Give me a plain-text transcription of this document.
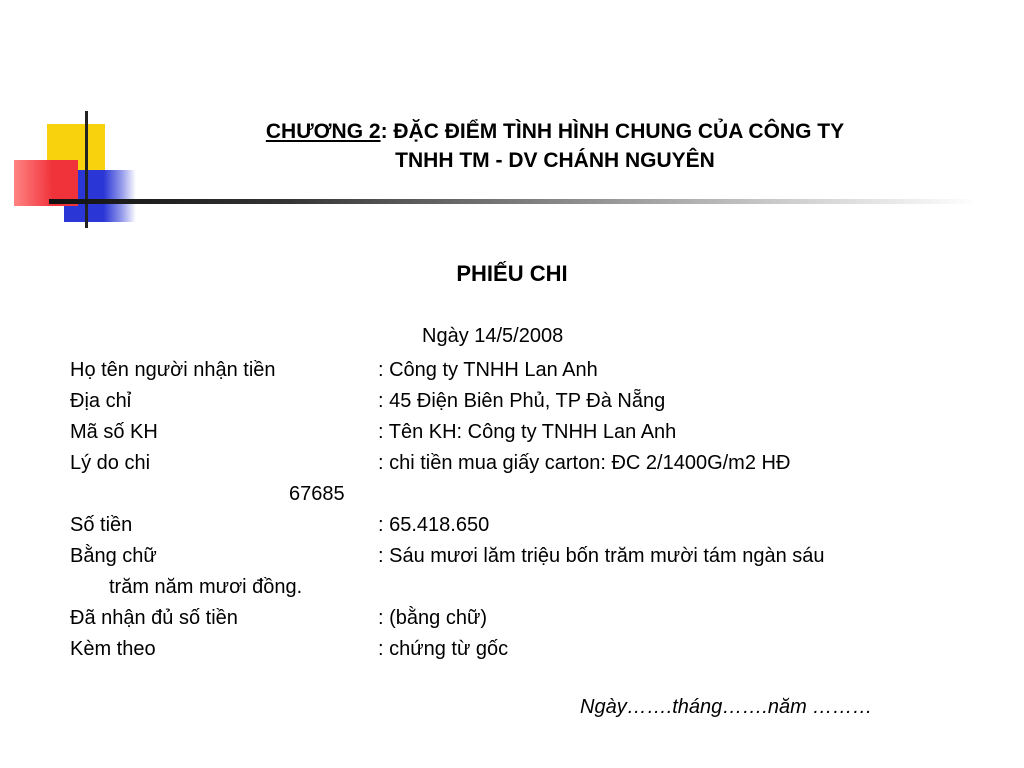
CHƯƠNG 2: ĐẶC ĐIỂM TÌNH HÌNH CHUNG CỦA CÔNG TY
TNHH TM - DV CHÁNH NGUYÊN
PHIẾU CHI
Ngày 14/5/2008
Họ tên người nhận tiền	: Công ty TNHH Lan Anh
Địa chỉ	: 45 Điện Biên Phủ, TP Đà Nẵng
Mã số KH	: Tên KH: Công ty TNHH Lan Anh
Lý do chi	: chi tiền mua giấy carton: ĐC 2/1400G/m2 HĐ
67685
Số tiền	: 65.418.650
Bằng chữ	: Sáu mươi lăm triệu bốn trăm mười tám ngàn sáu
trăm năm mươi đồng.
Đã nhận đủ số tiền	: (bằng chữ)
Kèm theo	: chứng từ gốc
Ngày…….tháng…….năm ………
